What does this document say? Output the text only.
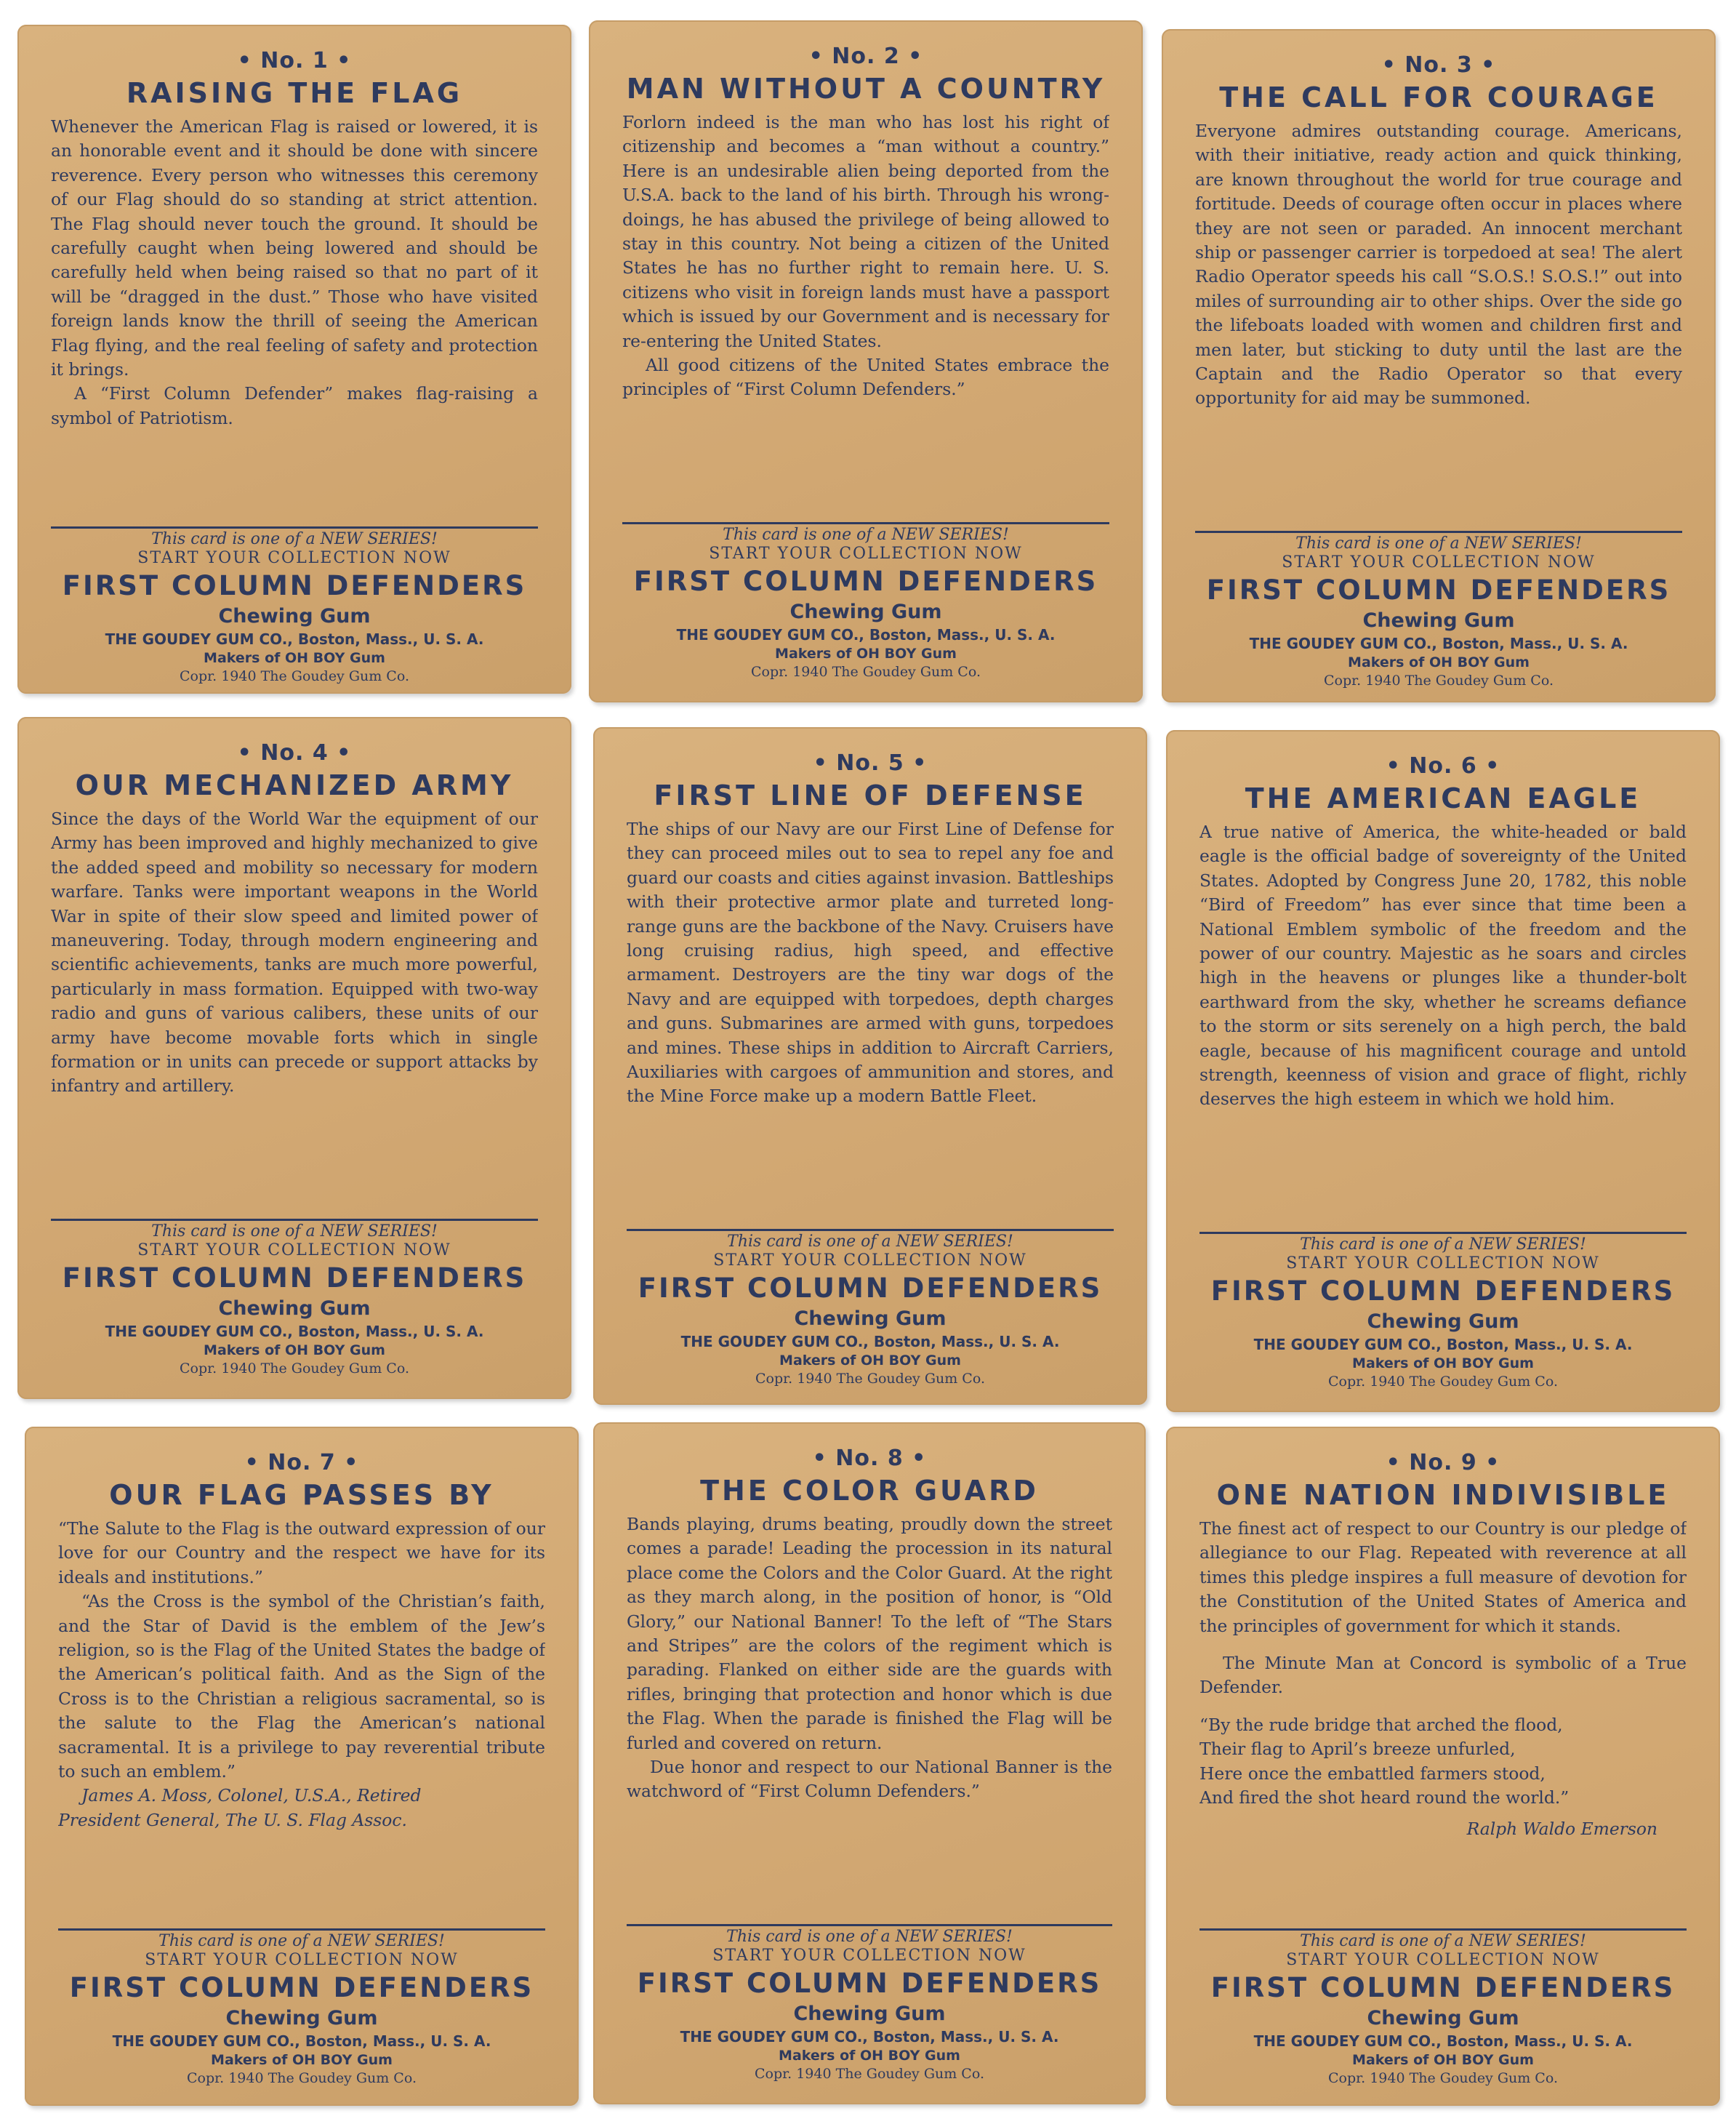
• No. 1 •
RAISING THE FLAG

Whenever the American Flag is raised or lowered, it is an honorable event and it should be done with sincere reverence. Every person who witnesses this ceremony of our Flag should do so standing at strict attention. The Flag should never touch the ground. It should be carefully caught when being lowered and should be carefully held when being raised so that no part of it will be “dragged in the dust.” Those who have visited foreign lands know the thrill of seeing the American Flag flying, and the real feeling of safety and protection it brings.

A “First Column Defender” makes flag-raising a symbol of Patriotism.

This card is one of a NEW SERIES!
START YOUR COLLECTION NOW
FIRST COLUMN DEFENDERS
Chewing Gum
THE GOUDEY GUM CO., Boston, Mass., U. S. A.
Makers of OH BOY Gum
Copr. 1940 The Goudey Gum Co.
• No. 2 •
MAN WITHOUT A COUNTRY

Forlorn indeed is the man who has lost his right of citizenship and becomes a “man without a country.” Here is an undesirable alien being deported from the U.S.A. back to the land of his birth. Through his wrong-doings, he has abused the privilege of being allowed to stay in this country. Not being a citizen of the United States he has no further right to remain here. U. S. citizens who visit in foreign lands must have a passport which is issued by our Government and is necessary for re-entering the United States.

All good citizens of the United States embrace the principles of “First Column Defenders.”

This card is one of a NEW SERIES!
START YOUR COLLECTION NOW
FIRST COLUMN DEFENDERS
Chewing Gum
THE GOUDEY GUM CO., Boston, Mass., U. S. A.
Makers of OH BOY Gum
Copr. 1940 The Goudey Gum Co.
• No. 3 •
THE CALL FOR COURAGE

Everyone admires outstanding courage. Americans, with their initiative, ready action and quick thinking, are known throughout the world for true courage and fortitude. Deeds of courage often occur in places where they are not seen or paraded. An innocent merchant ship or passenger carrier is torpedoed at sea! The alert Radio Operator speeds his call “S.O.S.! S.O.S.!” out into miles of surrounding air to other ships. Over the side go the lifeboats loaded with women and children first and men later, but sticking to duty until the last are the Captain and the Radio Operator so that every opportunity for aid may be summoned.

This card is one of a NEW SERIES!
START YOUR COLLECTION NOW
FIRST COLUMN DEFENDERS
Chewing Gum
THE GOUDEY GUM CO., Boston, Mass., U. S. A.
Makers of OH BOY Gum
Copr. 1940 The Goudey Gum Co.
• No. 4 •
OUR MECHANIZED ARMY

Since the days of the World War the equipment of our Army has been improved and highly mechanized to give the added speed and mobility so necessary for modern warfare. Tanks were important weapons in the World War in spite of their slow speed and limited power of maneuvering. Today, through modern engineering and scientific achievements, tanks are much more powerful, particularly in mass formation. Equipped with two-way radio and guns of various calibers, these units of our army have become movable forts which in single formation or in units can precede or support attacks by infantry and artillery.

This card is one of a NEW SERIES!
START YOUR COLLECTION NOW
FIRST COLUMN DEFENDERS
Chewing Gum
THE GOUDEY GUM CO., Boston, Mass., U. S. A.
Makers of OH BOY Gum
Copr. 1940 The Goudey Gum Co.
• No. 5 •
FIRST LINE OF DEFENSE

The ships of our Navy are our First Line of Defense for they can proceed miles out to sea to repel any foe and guard our coasts and cities against invasion. Battleships with their protective armor plate and turreted long-range guns are the backbone of the Navy. Cruisers have long cruising radius, high speed, and effective armament. Destroyers are the tiny war dogs of the Navy and are equipped with torpedoes, depth charges and guns. Submarines are armed with guns, torpedoes and mines. These ships in addition to Aircraft Carriers, Auxiliaries with cargoes of ammunition and stores, and the Mine Force make up a modern Battle Fleet.

This card is one of a NEW SERIES!
START YOUR COLLECTION NOW
FIRST COLUMN DEFENDERS
Chewing Gum
THE GOUDEY GUM CO., Boston, Mass., U. S. A.
Makers of OH BOY Gum
Copr. 1940 The Goudey Gum Co.
• No. 6 •
THE AMERICAN EAGLE

A true native of America, the white-headed or bald eagle is the official badge of sovereignty of the United States. Adopted by Congress June 20, 1782, this noble “Bird of Freedom” has ever since that time been a National Emblem symbolic of the freedom and the power of our country. Majestic as he soars and circles high in the heavens or plunges like a thunder-bolt earthward from the sky, whether he screams defiance to the storm or sits serenely on a high perch, the bald eagle, because of his magnificent courage and untold strength, keenness of vision and grace of flight, richly deserves the high esteem in which we hold him.

This card is one of a NEW SERIES!
START YOUR COLLECTION NOW
FIRST COLUMN DEFENDERS
Chewing Gum
THE GOUDEY GUM CO., Boston, Mass., U. S. A.
Makers of OH BOY Gum
Copr. 1940 The Goudey Gum Co.
• No. 7 •
OUR FLAG PASSES BY

“The Salute to the Flag is the outward expression of our love for our Country and the respect we have for its ideals and institutions.”

“As the Cross is the symbol of the Christian’s faith, and the Star of David is the emblem of the Jew’s religion, so is the Flag of the United States the badge of the American’s political faith. And as the Sign of the Cross is to the Christian a religious sacramental, so is the salute to the Flag the American’s national sacramental. It is a privilege to pay reverential tribute to such an emblem.”

James A. Moss, Colonel, U.S.A., Retired

President General, The U. S. Flag Assoc.

This card is one of a NEW SERIES!
START YOUR COLLECTION NOW
FIRST COLUMN DEFENDERS
Chewing Gum
THE GOUDEY GUM CO., Boston, Mass., U. S. A.
Makers of OH BOY Gum
Copr. 1940 The Goudey Gum Co.
• No. 8 •
THE COLOR GUARD

Bands playing, drums beating, proudly down the street comes a parade! Leading the procession in its natural place come the Colors and the Color Guard. At the right as they march along, in the position of honor, is “Old Glory,” our National Banner! To the left of “The Stars and Stripes” are the colors of the regiment which is parading. Flanked on either side are the guards with rifles, bringing that protection and honor which is due the Flag. When the parade is finished the Flag will be furled and covered on return.

Due honor and respect to our National Banner is the watchword of “First Column Defenders.”

This card is one of a NEW SERIES!
START YOUR COLLECTION NOW
FIRST COLUMN DEFENDERS
Chewing Gum
THE GOUDEY GUM CO., Boston, Mass., U. S. A.
Makers of OH BOY Gum
Copr. 1940 The Goudey Gum Co.
• No. 9 •
ONE NATION INDIVISIBLE

The finest act of respect to our Country is our pledge of allegiance to our Flag. Repeated with reverence at all times this pledge inspires a full measure of devotion for the Constitution of the United States of America and the principles of government for which it stands.

The Minute Man at Concord is symbolic of a True Defender.

“By the rude bridge that arched the flood,
Their flag to April’s breeze unfurled,
Here once the embattled farmers stood,
And fired the shot heard round the world.”
Ralph Waldo Emerson
This card is one of a NEW SERIES!
START YOUR COLLECTION NOW
FIRST COLUMN DEFENDERS
Chewing Gum
THE GOUDEY GUM CO., Boston, Mass., U. S. A.
Makers of OH BOY Gum
Copr. 1940 The Goudey Gum Co.
